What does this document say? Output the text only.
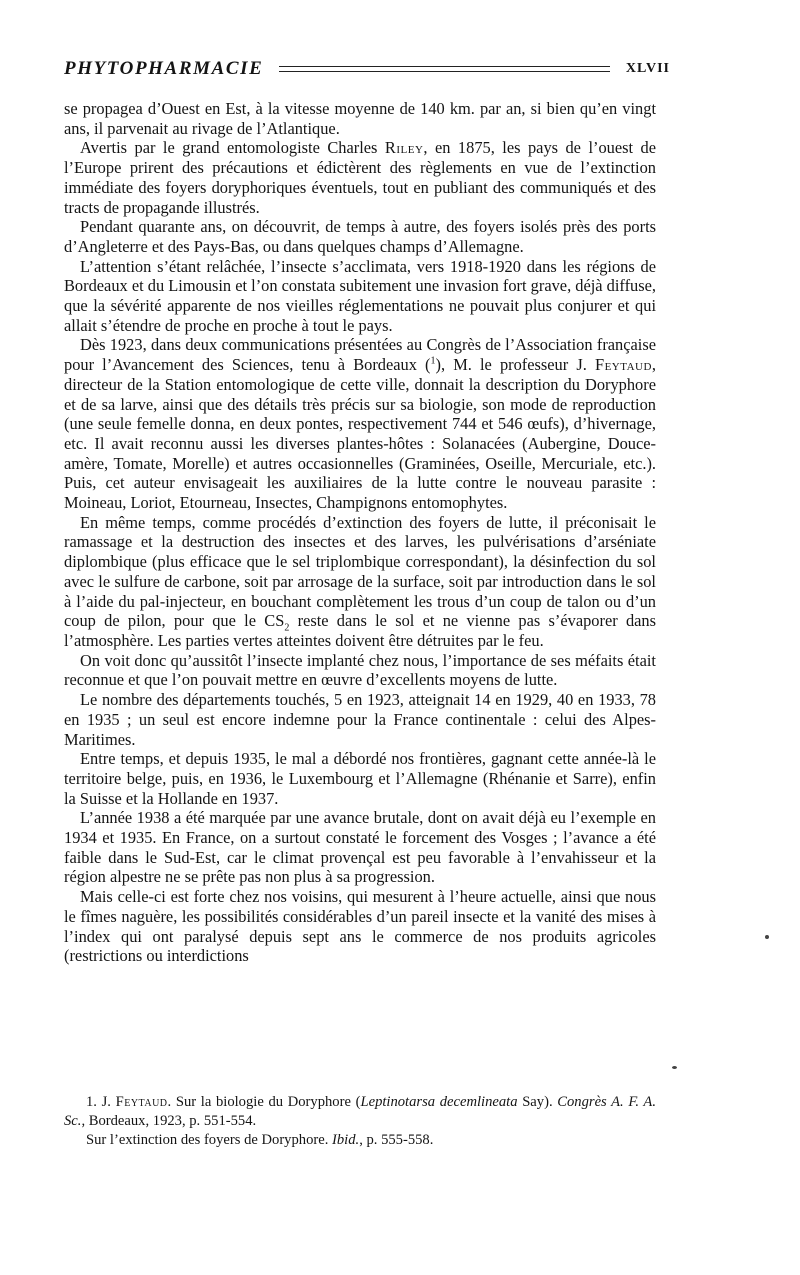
PHYTOPHARMACIE	XLVII

se propagea d’Ouest en Est, à la vitesse moyenne de 140 km. par an, si bien qu’en vingt ans, il parvenait au rivage de l’Atlantique.

Avertis par le grand entomologiste Charles Riley, en 1875, les pays de l’ouest de l’Europe prirent des précautions et édictèrent des règlements en vue de l’extinction immédiate des foyers doryphoriques éventuels, tout en publiant des communiqués et des tracts de propagande illustrés.

Pendant quarante ans, on découvrit, de temps à autre, des foyers isolés près des ports d’Angleterre et des Pays-Bas, ou dans quelques champs d’Allemagne.

L’attention s’étant relâchée, l’insecte s’acclimata, vers 1918-1920 dans les régions de Bordeaux et du Limousin et l’on constata subitement une invasion fort grave, déjà diffuse, que la sévérité apparente de nos vieilles réglementations ne pouvait plus conjurer et qui allait s’étendre de proche en proche à tout le pays.

Dès 1923, dans deux communications présentées au Congrès de l’Association française pour l’Avancement des Sciences, tenu à Bordeaux ($^1$), M. le professeur J. Feytaud, directeur de la Station entomologique de cette ville, donnait la description du Doryphore et de sa larve, ainsi que des détails très précis sur sa biologie, son mode de reproduction (une seule femelle donna, en deux pontes, respectivement 744 et 546 œufs), d’hivernage, etc. Il avait reconnu aussi les diverses plantes-hôtes : Solanacées (Aubergine, Douce-amère, Tomate, Morelle) et autres occasionnelles (Graminées, Oseille, Mercuriale, etc.). Puis, cet auteur envisageait les auxiliaires de la lutte contre le nouveau parasite : Moineau, Loriot, Etourneau, Insectes, Champignons entomophytes.

En même temps, comme procédés d’extinction des foyers de lutte, il préconisait le ramassage et la destruction des insectes et des larves, les pulvérisations d’arséniate diplombique (plus efficace que le sel triplombique correspondant), la désinfection du sol avec le sulfure de carbone, soit par arrosage de la surface, soit par introduction dans le sol à l’aide du pal-injecteur, en bouchant complètement les trous d’un coup de talon ou d’un coup de pilon, pour que le $CS_2$ reste dans le sol et ne vienne pas s’évaporer dans l’atmosphère. Les parties vertes atteintes doivent être détruites par le feu.

On voit donc qu’aussitôt l’insecte implanté chez nous, l’importance de ses méfaits était reconnue et que l’on pouvait mettre en œuvre d’excellents moyens de lutte.

Le nombre des départements touchés, 5 en 1923, atteignait 14 en 1929, 40 en 1933, 78 en 1935 ; un seul est encore indemne pour la France continentale : celui des Alpes-Maritimes.

Entre temps, et depuis 1935, le mal a débordé nos frontières, gagnant cette année-là le territoire belge, puis, en 1936, le Luxembourg et l’Allemagne (Rhénanie et Sarre), enfin la Suisse et la Hollande en 1937.

L’année 1938 a été marquée par une avance brutale, dont on avait déjà eu l’exemple en 1934 et 1935. En France, on a surtout constaté le forcement des Vosges ; l’avance a été faible dans le Sud-Est, car le climat provençal est peu favorable à l’envahisseur et la région alpestre ne se prête pas non plus à sa progression.

Mais celle-ci est forte chez nos voisins, qui mesurent à l’heure actuelle, ainsi que nous le fîmes naguère, les possibilités considérables d’un pareil insecte et la vanité des mises à l’index qui ont paralysé depuis sept ans le commerce de nos produits agricoles (restrictions ou interdictions

1. J. Feytaud. Sur la biologie du Doryphore (Leptinotarsa decemlineata Say). Congrès A. F. A. Sc., Bordeaux, 1923, p. 551-554.

Sur l’extinction des foyers de Doryphore. Ibid., p. 555-558.
